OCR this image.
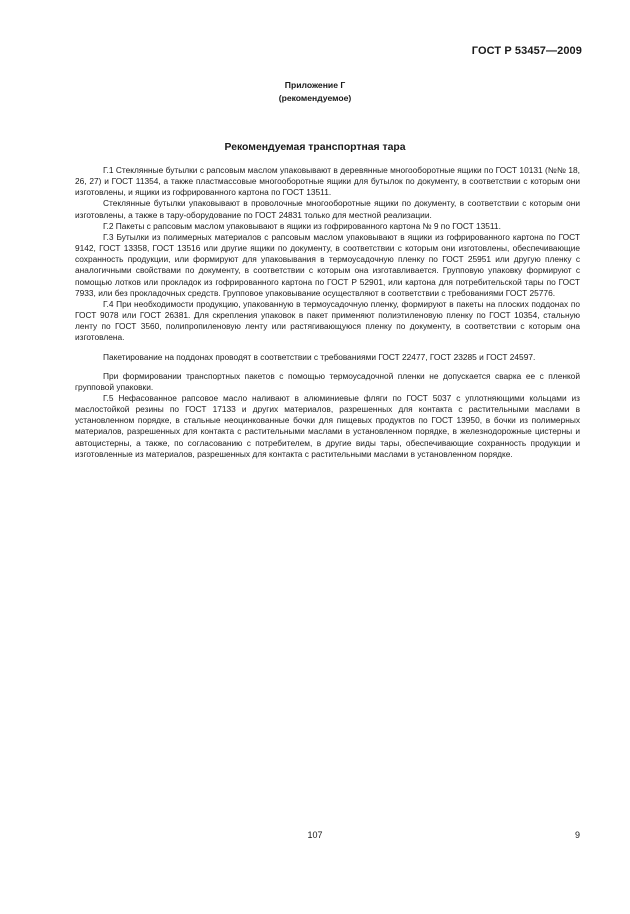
ГОСТ Р 53457—2009
Приложение Г
(рекомендуемое)
Рекомендуемая транспортная тара

Г.1 Стеклянные бутылки с рапсовым маслом упаковывают в деревянные многооборотные ящики по ГОСТ 10131 (№№ 18, 26, 27) и ГОСТ 11354, а также пластмассовые многооборотные ящики для бутылок по документу, в соответствии с которым они изготовлены, и ящики из гофрированного картона по ГОСТ 13511.

Стеклянные бутылки упаковывают в проволочные многооборотные ящики по документу, в соответствии с которым они изготовлены, а также в тару-оборудование по ГОСТ 24831 только для местной реализации.

Г.2 Пакеты с рапсовым маслом упаковывают в ящики из гофрированного картона № 9 по ГОСТ 13511.

Г.3 Бутылки из полимерных материалов с рапсовым маслом упаковывают в ящики из гофрированного картона по ГОСТ 9142, ГОСТ 13358, ГОСТ 13516 или другие ящики по документу, в соответствии с которым они изготовлены, обеспечивающие сохранность продукции, или формируют для упаковывания в термоусадочную пленку по ГОСТ 25951 или другую пленку с аналогичными свойствами по документу, в соответствии с которым она изготавливается. Групповую упаковку формируют с помощью лотков или прокладок из гофрированного картона по ГОСТ Р 52901, или картона для потребительской тары по ГОСТ 7933, или без прокладочных средств. Групповое упаковывание осуществляют в соответствии с требованиями ГОСТ 25776.

Г.4 При необходимости продукцию, упакованную в термоусадочную пленку, формируют в пакеты на плоских поддонах по ГОСТ 9078 или ГОСТ 26381. Для скрепления упаковок в пакет применяют полиэтиленовую пленку по ГОСТ 10354, стальную ленту по ГОСТ 3560, полипропиленовую ленту или растягивающуюся пленку по документу, в соответствии с которым она изготовлена.

Пакетирование на поддонах проводят в соответствии с требованиями ГОСТ 22477, ГОСТ 23285 и ГОСТ 24597.

При формировании транспортных пакетов с помощью термоусадочной пленки не допускается сварка ее с пленкой групповой упаковки.

Г.5 Нефасованное рапсовое масло наливают в алюминиевые фляги по ГОСТ 5037 с уплотняющими кольцами из маслостойкой резины по ГОСТ 17133 и других материалов, разрешенных для контакта с растительными маслами в установленном порядке, в стальные неоцинкованные бочки для пищевых продуктов по ГОСТ 13950, в бочки из полимерных материалов, разрешенных для контакта с растительными маслами в установленном порядке, в железнодорожные цистерны и автоцистерны, а также, по согласованию с потребителем, в другие виды тары, обеспечивающие сохранность продукции и изготовленные из материалов, разрешенных для контакта с растительными маслами в установленном порядке.

107	9
